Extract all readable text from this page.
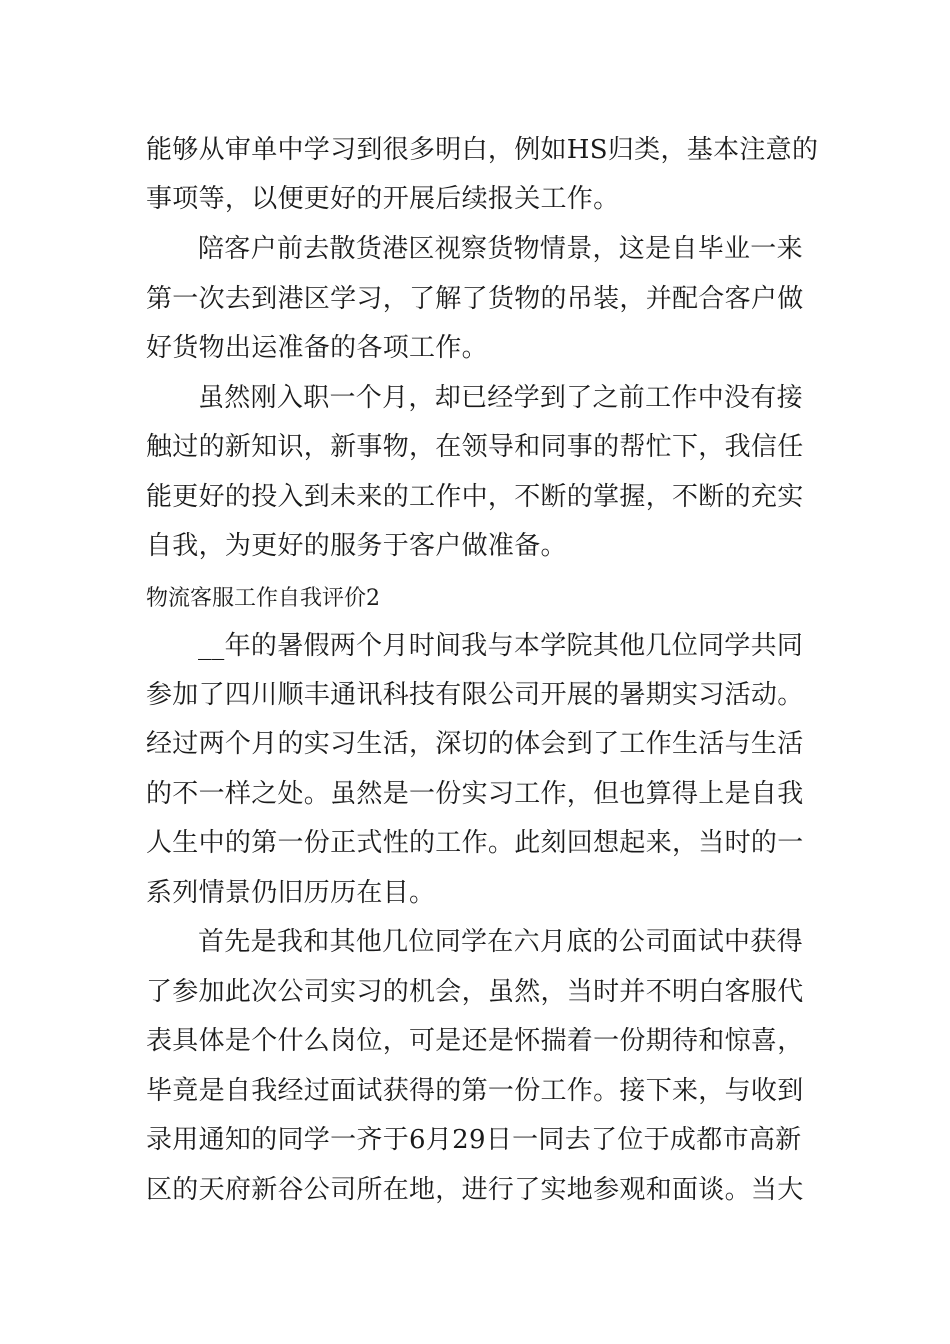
能够从审单中学习到很多明白，例如HS归类，基本注意的
事项等，以便更好的开展后续报关工作。
陪客户前去散货港区视察货物情景，这是自毕业一来
第一次去到港区学习，了解了货物的吊装，并配合客户做
好货物出运准备的各项工作。
虽然刚入职一个月，却已经学到了之前工作中没有接
触过的新知识，新事物，在领导和同事的帮忙下，我信任
能更好的投入到未来的工作中，不断的掌握，不断的充实
自我，为更好的服务于客户做准备。
物流客服工作自我评价2
__年的暑假两个月时间我与本学院其他几位同学共同
参加了四川顺丰通讯科技有限公司开展的暑期实习活动。
经过两个月的实习生活，深切的体会到了工作生活与生活
的不一样之处。虽然是一份实习工作，但也算得上是自我
人生中的第一份正式性的工作。此刻回想起来，当时的一
系列情景仍旧历历在目。
首先是我和其他几位同学在六月底的公司面试中获得
了参加此次公司实习的机会，虽然，当时并不明白客服代
表具体是个什么岗位，可是还是怀揣着一份期待和惊喜，
毕竟是自我经过面试获得的第一份工作。接下来，与收到
录用通知的同学一齐于6月29日一同去了位于成都市高新
区的天府新谷公司所在地，进行了实地参观和面谈。当大
